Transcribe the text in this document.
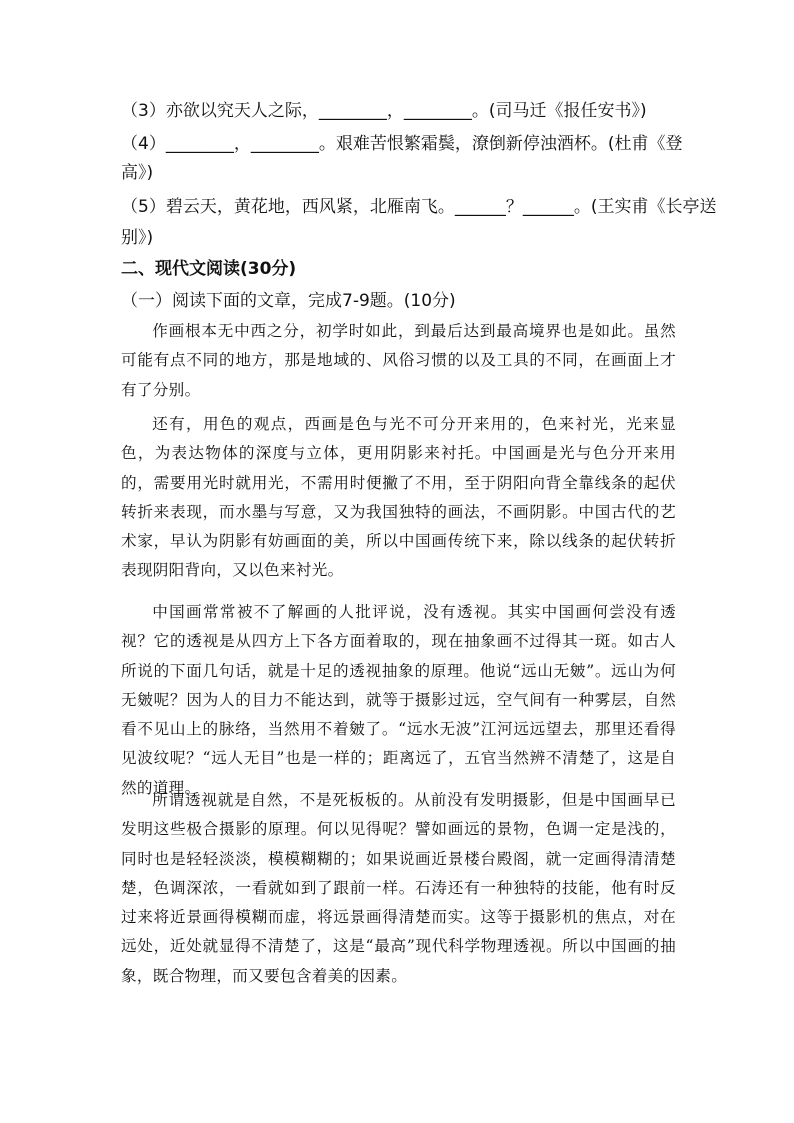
（3）亦欲以究天人之际，________，________。(司马迁《报任安书》)
（4）________，________。艰难苦恨繁霜鬓，潦倒新停浊酒杯。(杜甫《登
高》)
（5）碧云天，黄花地，西风紧，北雁南飞。______？______。(王实甫《长亭送
别》)
二、现代文阅读(30分)
（一）阅读下面的文章，完成7-9题。(10分)

作画根本无中西之分，初学时如此，到最后达到最高境界也是如此。虽然可能有点不同的地方，那是地域的、风俗习惯的以及工具的不同，在画面上才有了分别。

还有，用色的观点，西画是色与光不可分开来用的，色来衬光，光来显色，为表达物体的深度与立体，更用阴影来衬托。中国画是光与色分开来用的，需要用光时就用光，不需用时便撇了不用，至于阴阳向背全靠线条的起伏转折来表现，而水墨与写意，又为我国独特的画法，不画阴影。中国古代的艺术家，早认为阴影有妨画面的美，所以中国画传统下来，除以线条的起伏转折表现阴阳背向，又以色来衬光。

中国画常常被不了解画的人批评说，没有透视。其实中国画何尝没有透视？它的透视是从四方上下各方面着取的，现在抽象画不过得其一斑。如古人所说的下面几句话，就是十足的透视抽象的原理。他说“远山无皴”。远山为何无皴呢？因为人的目力不能达到，就等于摄影过远，空气间有一种雾层，自然看不见山上的脉络，当然用不着皴了。“远水无波”江河远远望去，那里还看得见波纹呢？“远人无目”也是一样的；距离远了，五官当然辨不清楚了，这是自然的道理。

所谓透视就是自然，不是死板板的。从前没有发明摄影，但是中国画早已发明这些极合摄影的原理。何以见得呢？譬如画远的景物，色调一定是浅的，同时也是轻轻淡淡，模模糊糊的；如果说画近景楼台殿阁，就一定画得清清楚楚，色调深浓，一看就如到了跟前一样。石涛还有一种独特的技能，他有时反过来将近景画得模糊而虚，将远景画得清楚而实。这等于摄影机的焦点，对在远处，近处就显得不清楚了，这是“最高”现代科学物理透视。所以中国画的抽象，既合物理，而又要包含着美的因素。
